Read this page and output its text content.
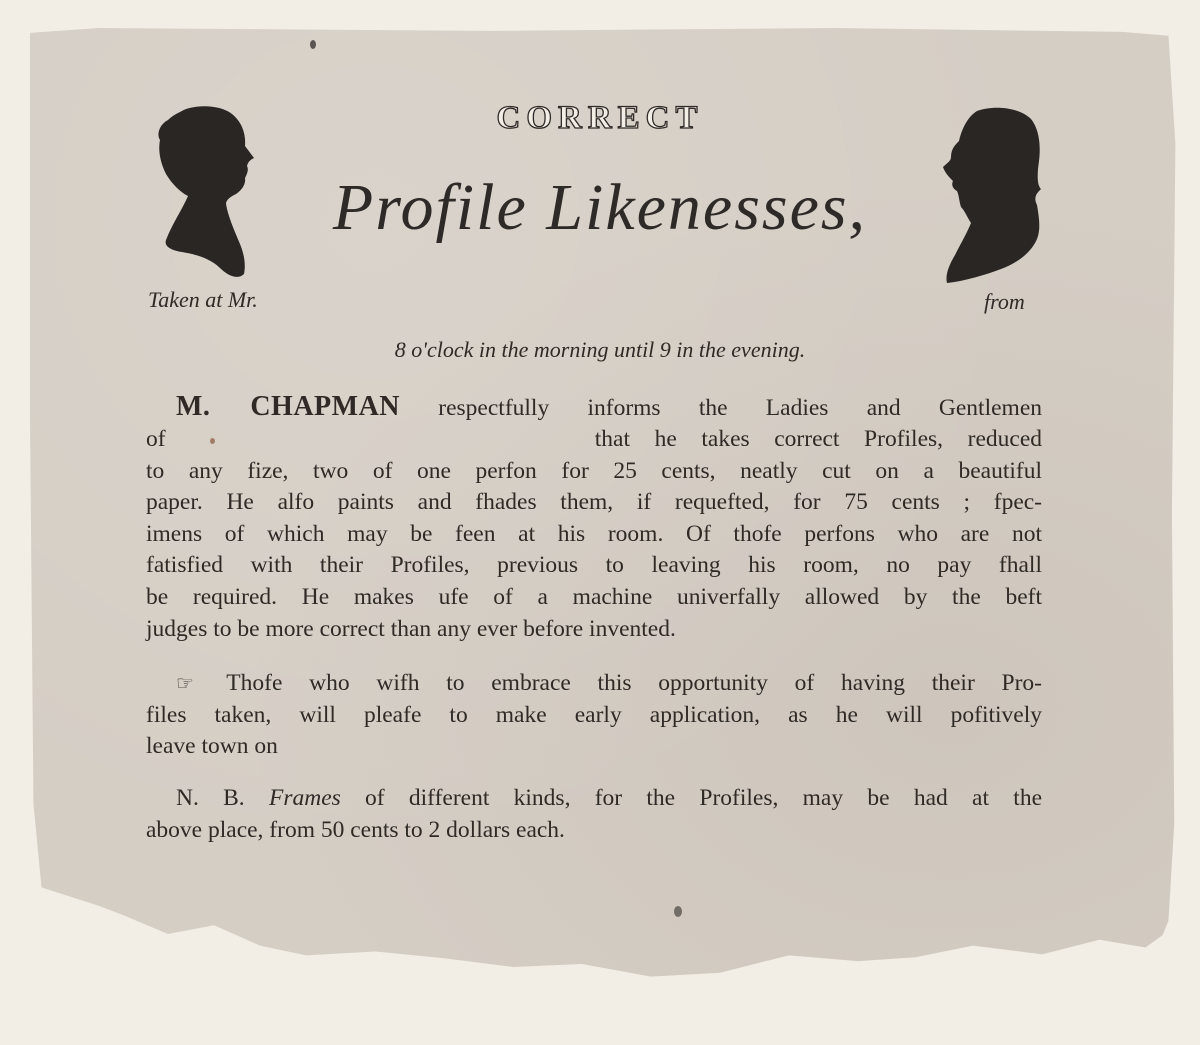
CORRECT
Profile Likenesses,
Taken at Mr.	from
8 o'clock in the morning until 9 in the evening.
M. CHAPMAN respectfully informs the Ladies and Gentlemen
of	that he takes correct Profiles, reduced
to any fize, two of one perfon for 25 cents, neatly cut on a beautiful
paper. He alfo paints and fhades them, if requefted, for 75 cents ; fpec-
imens of which may be feen at his room. Of thofe perfons who are not
fatisfied with their Profiles, previous to leaving his room, no pay fhall
be required. He makes ufe of a machine univerfally allowed by the beft
judges to be more correct than any ever before invented.
☞ Thofe who wifh to embrace this opportunity of having their Pro-
files taken, will pleafe to make early application, as he will pofitively
leave town on
N. B. Frames of different kinds, for the Profiles, may be had at the
above place, from 50 cents to 2 dollars each.
